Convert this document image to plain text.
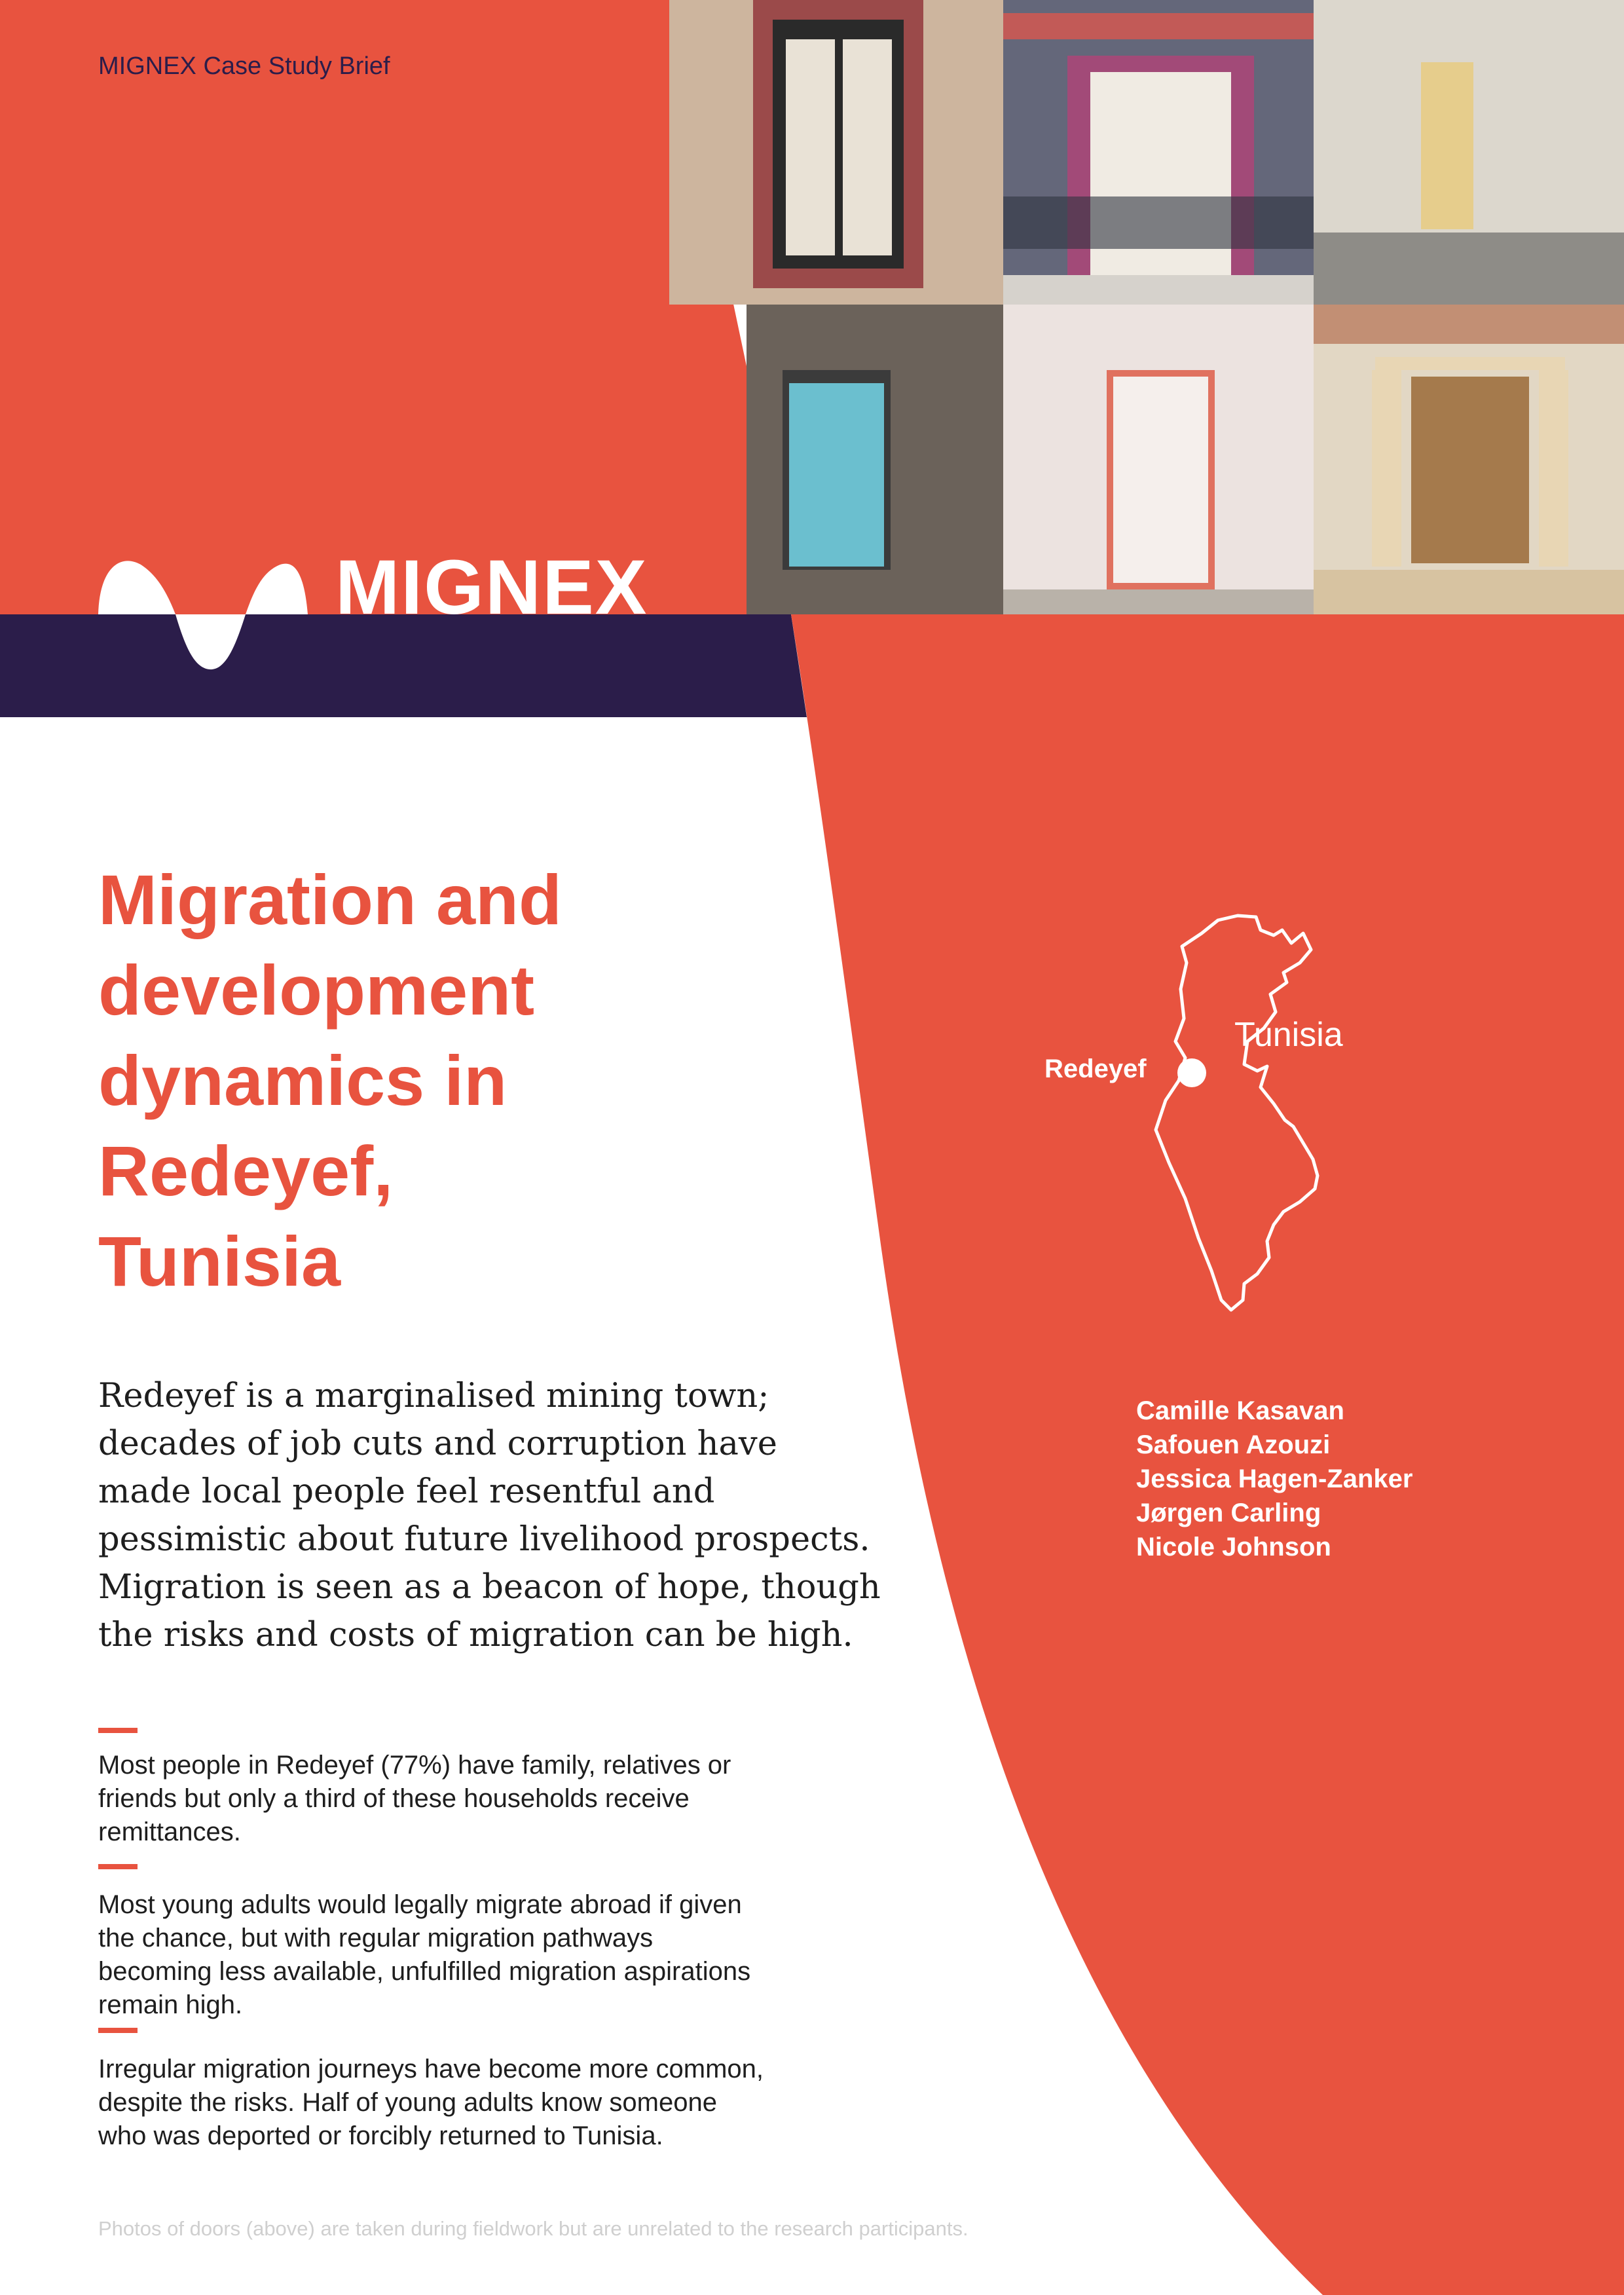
MIGNEX Case Study Brief
MIGNEX
Migration and
development
dynamics in
Redeyef,
Tunisia
Redeyef is a marginalised mining town;
decades of job cuts and corruption have
made local people feel resentful and
pessimistic about future livelihood prospects.
Migration is seen as a beacon of hope, though
the risks and costs of migration can be high.
Most people in Redeyef (77%) have family, relatives or
friends but only a third of these households receive
remittances.
Most young adults would legally migrate abroad if given
the chance, but with regular migration pathways
becoming less available, unfulfilled migration aspirations
remain high.
Irregular migration journeys have become more common,
despite the risks. Half of young adults know someone
who was deported or forcibly returned to Tunisia.
Photos of doors (above) are taken during fieldwork but are unrelated to the research participants.
Tunisia
Redeyef
Camille Kasavan
Safouen Azouzi
Jessica Hagen-Zanker
Jørgen Carling
Nicole Johnson
